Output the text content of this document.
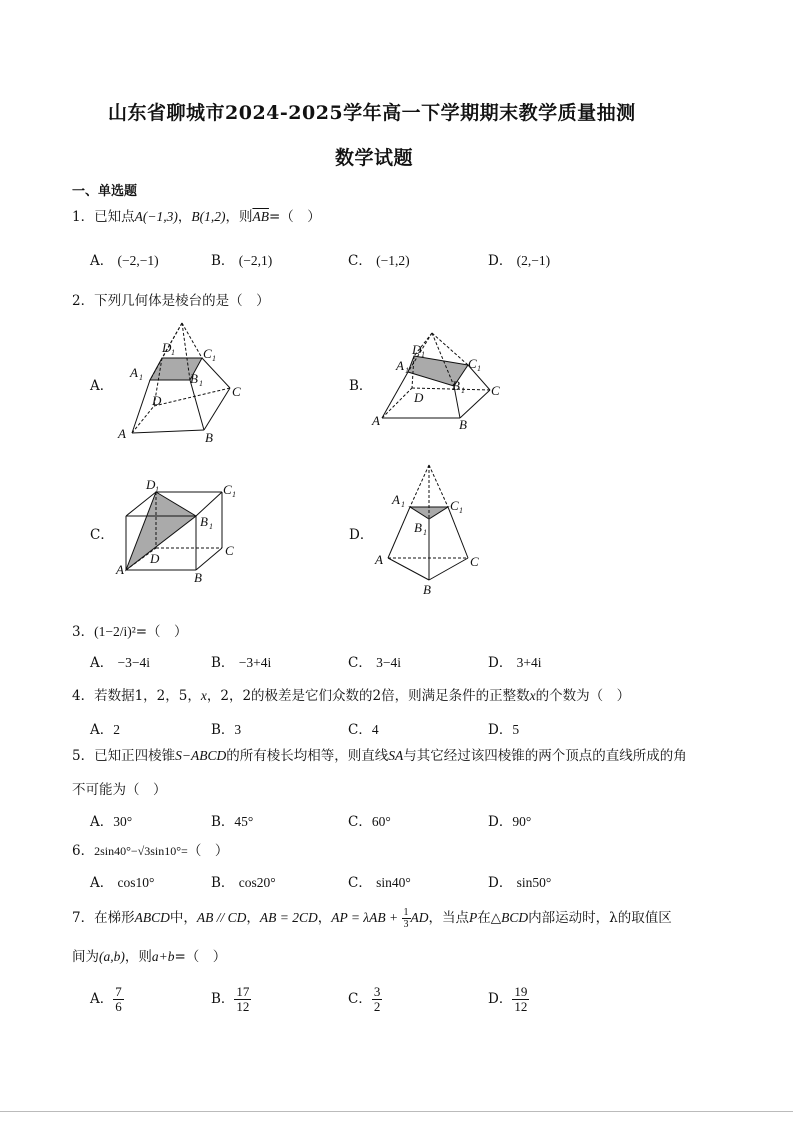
山东省聊城市2024-2025学年高一下学期期末教学质量抽测
数学试题
一、单选题
1．已知点A(−1,3)，B(1,2)，则$\overline{AB}=$（　）
A． (−2,−1)	B． (−2,1)	C． (−1,2)	D． (2,−1)
2．下列几何体是棱台的是（　）
A．	B．
C．	D．
D 1 C 1
A 1	B 1
D
C
A	B
D 1
C 1
A 1
B 1
D	C
A	B
D 1	C 1
B 1
D
C
A
B
A 1	C 1
B 1
A	C
B
3．(1−2/i)²=（　）
A． −3−4i	B． −3+4i	C． 3−4i	D． 3+4i
4．若数据1，2，5，x，2，2的极差是它们众数的2倍，则满足条件的正整数x的个数为（　）
A．2	B．3	C．4	D．5
5．已知正四棱锥S−ABCD的所有棱长均相等，则直线SA与其它经过该四棱锥的两个顶点的直线所成的角
不可能为（　）
A．30°	B．45°	C．60°	D．90°
6．2sin40°−√3sin10°=（　）
A． cos10°	B． cos20°	C． sin40°	D． sin50°
7．在梯形ABCD中，AB // CD，AB = 2CD，AP = $\lambda AB + \frac{1}{3}$ AD，当点P在△BCD内部运动时，λ的取值区
间为(a,b)，则a+b=（　）
A． $\frac{7}{6}$	B． $\frac{17}{12}$	C． $\frac{3}{2}$	D． $\frac{19}{12}$
